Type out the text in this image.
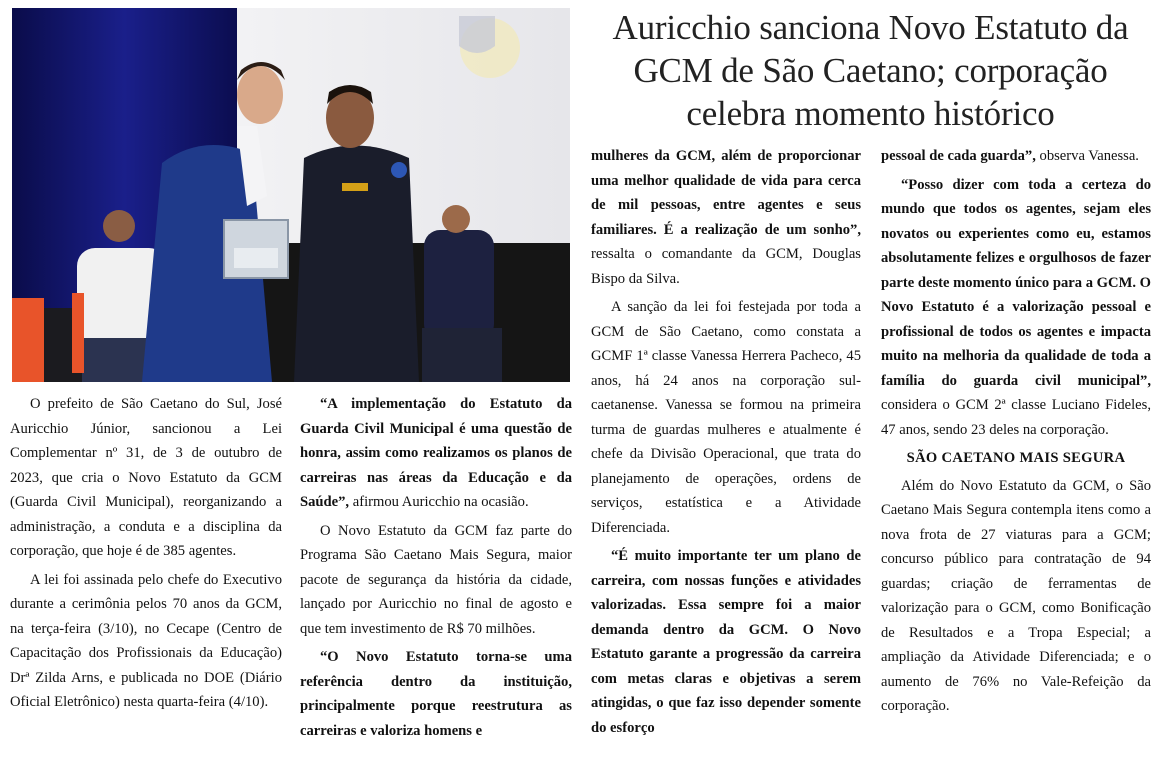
Auricchio sanciona Novo Estatuto da GCM de São Caetano; corporação celebra momento histórico

O prefeito de São Caetano do Sul, José Auricchio Júnior, sancionou a Lei Complementar nº 31, de 3 de outubro de 2023, que cria o Novo Estatuto da GCM (Guarda Civil Municipal), reorganizando a administração, a conduta e a disciplina da corporação, que hoje é de 385 agentes.

A lei foi assinada pelo chefe do Executivo durante a cerimônia pelos 70 anos da GCM, na terça-feira (3/10), no Cecape (Centro de Capacitação dos Profissionais da Educação) Drª Zilda Arns, e publicada no DOE (Diário Oficial Eletrônico) nesta quarta-feira (4/10).

“A implementação do Estatuto da Guarda Civil Municipal é uma questão de honra, assim como realizamos os planos de carreiras nas áreas da Educação e da Saúde”, afirmou Auricchio na ocasião.

O Novo Estatuto da GCM faz parte do Programa São Caetano Mais Segura, maior pacote de segurança da história da cidade, lançado por Auricchio no final de agosto e que tem investimento de R$ 70 milhões.

“O Novo Estatuto torna-se uma referência dentro da instituição, principalmente porque reestrutura as carreiras e valoriza homens e

mulheres da GCM, além de proporcionar uma melhor qualidade de vida para cerca de mil pessoas, entre agentes e seus familiares. É a realização de um sonho”, ressalta o comandante da GCM, Douglas Bispo da Silva.

A sanção da lei foi festejada por toda a GCM de São Caetano, como constata a GCMF 1ª classe Vanessa Herrera Pacheco, 45 anos, há 24 anos na corporação sul-caetanense. Vanessa se formou na primeira turma de guardas mulheres e atualmente é chefe da Divisão Operacional, que trata do planejamento de operações, ordens de serviços, estatística e a Atividade Diferenciada.

“É muito importante ter um plano de carreira, com nossas funções e atividades valorizadas. Essa sempre foi a maior demanda dentro da GCM. O Novo Estatuto garante a progressão da carreira com metas claras e objetivas a serem atingidas, o que faz isso depender somente do esforço

pessoal de cada guarda”, observa Vanessa.

“Posso dizer com toda a certeza do mundo que todos os agentes, sejam eles novatos ou experientes como eu, estamos absolutamente felizes e orgulhosos de fazer parte deste momento único para a GCM. O Novo Estatuto é a valorização pessoal e profissional de todos os agentes e impacta muito na melhoria da qualidade de toda a família do guarda civil municipal”, considera o GCM 2ª classe Luciano Fideles, 47 anos, sendo 23 deles na corporação.

SÃO CAETANO MAIS SEGURA

Além do Novo Estatuto da GCM, o São Caetano Mais Segura contempla itens como a nova frota de 27 viaturas para a GCM; concurso público para contratação de 94 guardas; criação de ferramentas de valorização para o GCM, como Bonificação de Resultados e a Tropa Especial; a ampliação da Atividade Diferenciada; e o aumento de 76% no Vale-Refeição da corporação.
